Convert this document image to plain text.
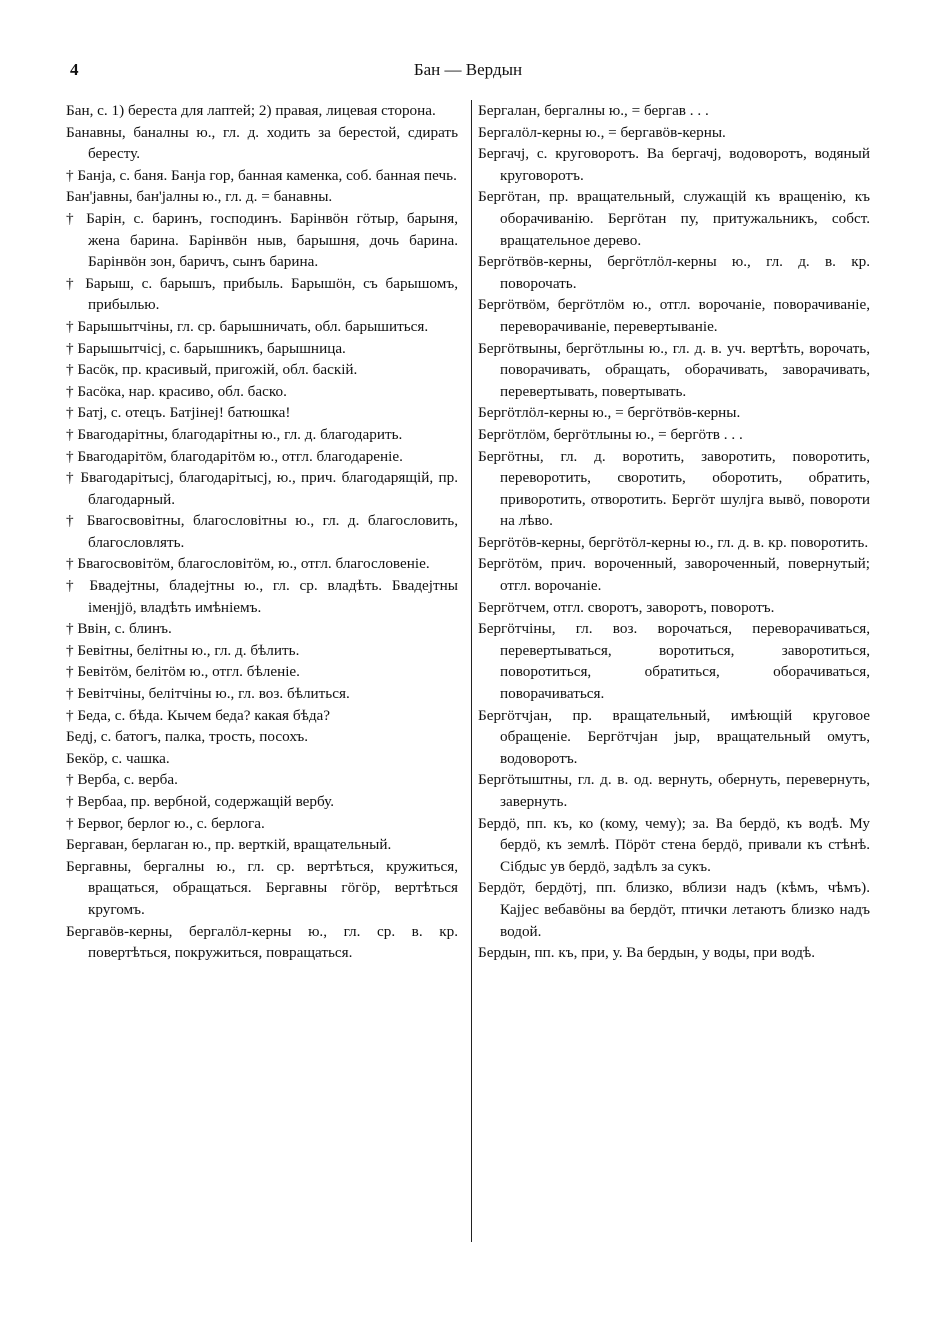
4	Бан — Вердын

Бан, с. 1) береста для лаптей; 2) правая, лицевая сторона.

Банавны, баналны ю., гл. д. ходить за берестой, сдирать бересту.

† Банја, с. баня. Банја гор, банная каменка, соб. банная печь.

Бан'јавны, бан'јалны ю., гл. д. = банавны.

† Барін, с. баринъ, господинъ. Барінвöн гöтыр, барыня, жена барина. Барінвöн ныв, барышня, дочь барина. Барінвöн зон, баричъ, сынъ барина.

† Барыш, с. барышъ, прибыль. Барышöн, съ барышомъ, прибылью.

† Барышытчіны, гл. ср. барышничать, обл. барышиться.

† Барышытчісј, с. барышникъ, барышница.

† Басöк, пр. красивый, пригожій, обл. баскій.

† Басöка, нар. красиво, обл. баско.

† Батј, с. отецъ. Батјінеј! батюшка!

† Бвагодарітны, благодарітны ю., гл. д. благодарить.

† Бвагодарітöм, благодарітöм ю., отгл. благодареніе.

† Бвагодарітысј, благодарітысј, ю., прич. благодарящій, пр. благодарный.

† Бвагосвовітны, благословітны ю., гл. д. благословить, благословлять.

† Бвагосвовітöм, благословітöм, ю., отгл. благословеніе.

† Бвадејтны, бладејтны ю., гл. ср. владѣть. Бвадејтны іменјјö, владѣть имѣніемъ.

† Ввін, с. блинъ.

† Бевітны, белітны ю., гл. д. бѣлить.

† Бевітöм, белітöм ю., отгл. бѣленіе.

† Бевітчіны, белітчіны ю., гл. воз. бѣлиться.

† Беда, с. бѣда. Кычем беда? какая бѣда?

Бедј, с. батогъ, палка, трость, посохъ.

Бекöр, с. чашка.

† Верба, с. верба.

† Вербаа, пр. вербной, содержащій вербу.

† Бервог, берлог ю., с. берлога.

Бергаван, берлаган ю., пр. верткій, вращательный.

Бергавны, бергалны ю., гл. ср. вертѣться, кружиться, вращаться, обращаться. Бергавны гöгöр, вертѣться кругомъ.

Бергавöв-керны, бергалöл-керны ю., гл. ср. в. кр. повертѣться, покружиться, повращаться.

Бергалан, бергалны ю., = бергав . . .

Бергалöл-керны ю., = бергавöв-керны.

Бергачј, с. круговоротъ. Ва бергачј, водоворотъ, водяный круговоротъ.

Бергöтан, пр. вращательный, служащій къ вращенію, къ оборачиванію. Бергöтан пу, притужальникъ, собст. вращательное дерево.

Бергöтвöв-керны, бергöтлöл-керны ю., гл. д. в. кр. поворочать.

Бергöтвöм, бергöтлöм ю., отгл. ворочаніе, поворачиваніе, переворачиваніе, перевертываніе.

Бергöтвыны, бергöтлыны ю., гл. д. в. уч. вертѣть, ворочать, поворачивать, обращать, оборачивать, заворачивать, перевертывать, повертывать.

Бергöтлöл-керны ю., = бергöтвöв-керны.

Бергöтлöм, бергöтлыны ю., = бергöтв . . .

Бергöтны, гл. д. воротить, заворотить, поворотить, переворотить, своротить, оборотить, обратить, приворотить, отворотить. Бергöт шулјга вывö, повороти на лѣво.

Бергöтöв-керны, бергöтöл-керны ю., гл. д. в. кр. поворотить.

Бергöтöм, прич. вороченный, завороченный, повернутый; отгл. ворочаніе.

Бергöтчем, отгл. своротъ, заворотъ, поворотъ.

Бергöтчіны, гл. воз. ворочаться, переворачиваться, перевертываться, воротиться, заворотиться, поворотиться, обратиться, оборачиваться, поворачиваться.

Бергöтчјан, пр. вращательный, имѣющій круговое обращеніе. Бергöтчјан јыр, вращательный омутъ, водоворотъ.

Бергöтыштны, гл. д. в. од. вернуть, обернуть, перевернуть, завернуть.

Бердö, пп. къ, ко (кому, чему); за. Ва бердö, къ водѣ. Му бердö, къ землѣ. Пöрöт стена бердö, привали къ стѣнѣ. Сібдыс ув бердö, задѣлъ за сукъ.

Бердöт, бердöтј, пп. близко, вблизи надъ (кѣмъ, чѣмъ). Кајјес вебавöны ва бердöт, птички летаютъ близко надъ водой.

Бердын, пп. къ, при, у. Ва бердын, у воды, при водѣ.
